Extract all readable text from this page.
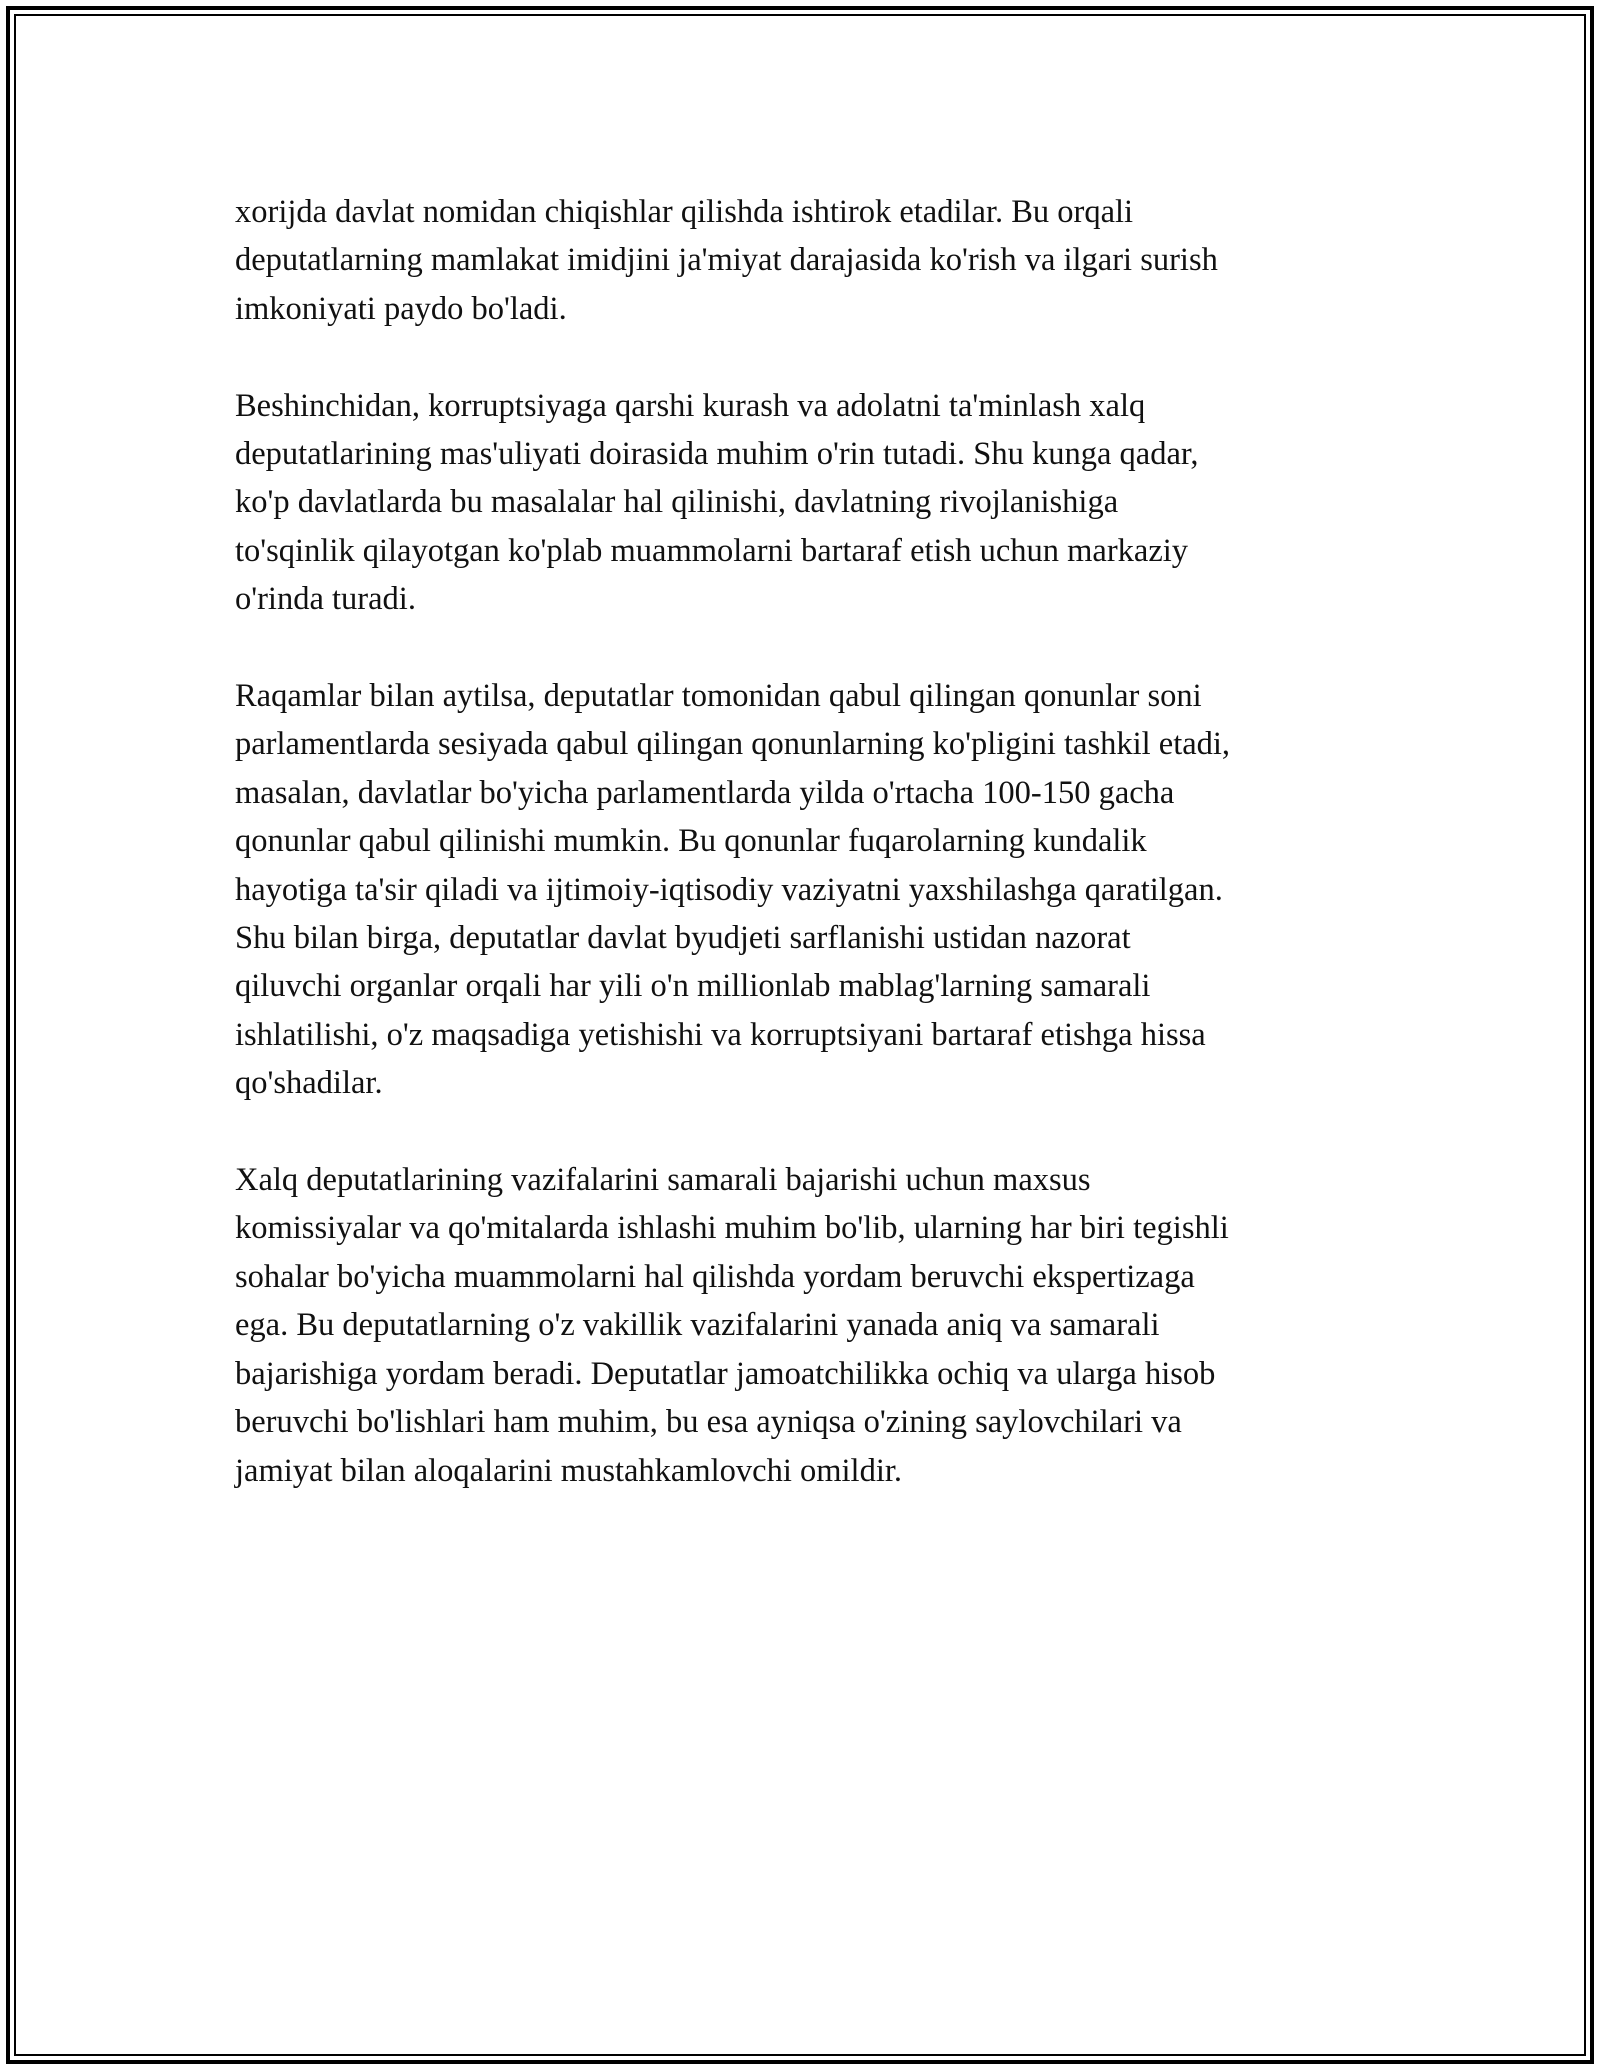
xorijda davlat nomidan chiqishlar qilishda ishtirok etadilar. Bu orqali
deputatlarning mamlakat imidjini ja'miyat darajasida ko'rish va ilgari surish
imkoniyati paydo bo'ladi.

Beshinchidan, korruptsiyaga qarshi kurash va adolatni ta'minlash xalq
deputatlarining mas'uliyati doirasida muhim o'rin tutadi. Shu kunga qadar,
ko'p davlatlarda bu masalalar hal qilinishi, davlatning rivojlanishiga
to'sqinlik qilayotgan ko'plab muammolarni bartaraf etish uchun markaziy
o'rinda turadi.

Raqamlar bilan aytilsa, deputatlar tomonidan qabul qilingan qonunlar soni
parlamentlarda sesiyada qabul qilingan qonunlarning ko'pligini tashkil etadi,
masalan, davlatlar bo'yicha parlamentlarda yilda o'rtacha 100-150 gacha
qonunlar qabul qilinishi mumkin. Bu qonunlar fuqarolarning kundalik
hayotiga ta'sir qiladi va ijtimoiy-iqtisodiy vaziyatni yaxshilashga qaratilgan.
Shu bilan birga, deputatlar davlat byudjeti sarflanishi ustidan nazorat
qiluvchi organlar orqali har yili o'n millionlab mablag'larning samarali
ishlatilishi, o'z maqsadiga yetishishi va korruptsiyani bartaraf etishga hissa
qo'shadilar.

Xalq deputatlarining vazifalarini samarali bajarishi uchun maxsus
komissiyalar va qo'mitalarda ishlashi muhim bo'lib, ularning har biri tegishli
sohalar bo'yicha muammolarni hal qilishda yordam beruvchi ekspertizaga
ega. Bu deputatlarning o'z vakillik vazifalarini yanada aniq va samarali
bajarishiga yordam beradi. Deputatlar jamoatchilikka ochiq va ularga hisob
beruvchi bo'lishlari ham muhim, bu esa ayniqsa o'zining saylovchilari va
jamiyat bilan aloqalarini mustahkamlovchi omildir.
